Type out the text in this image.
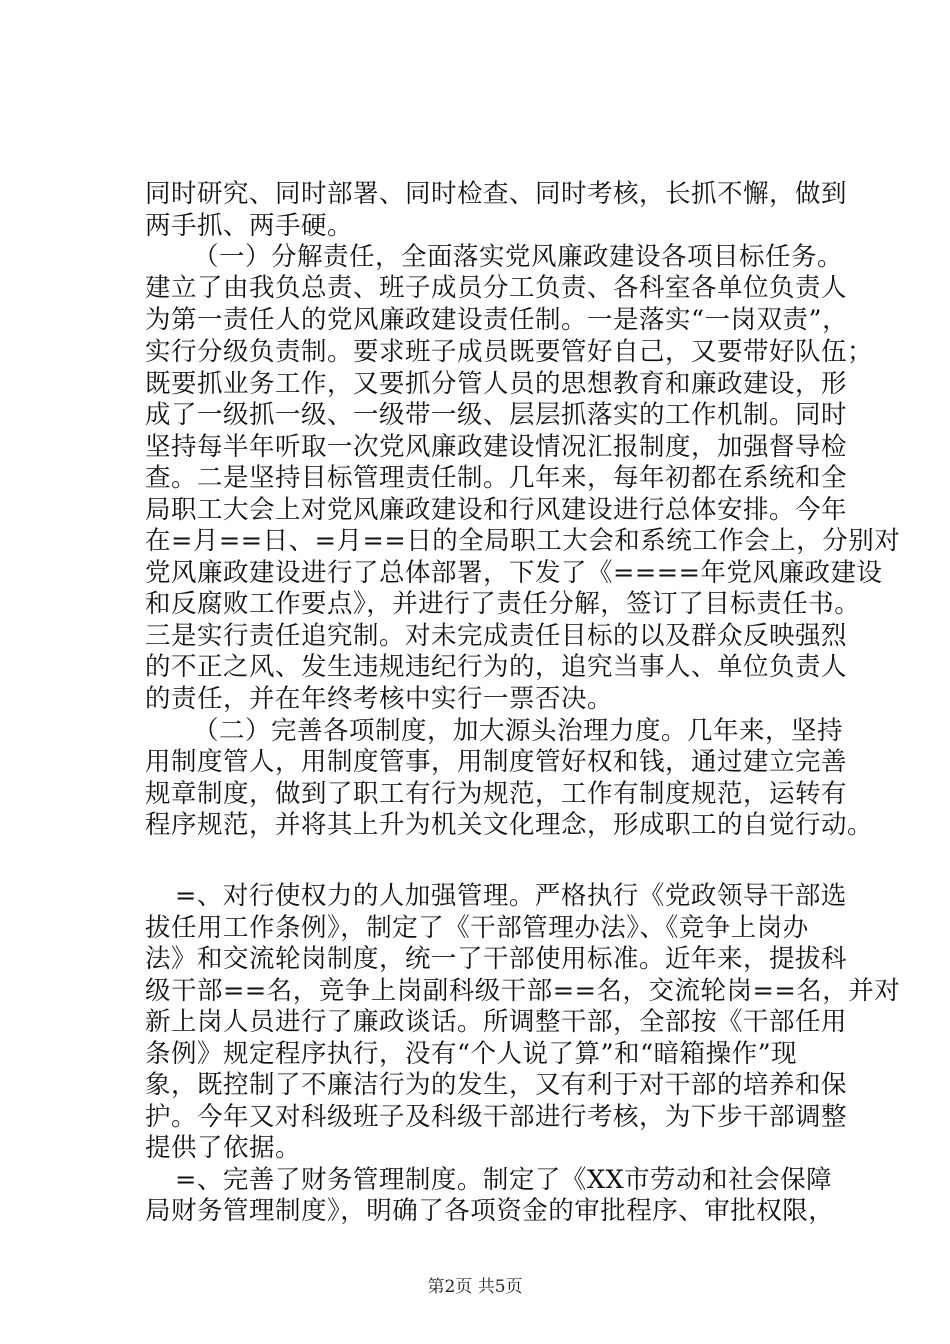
同时研究、同时部署、同时检查、同时考核，长抓不懈，做到
两手抓、两手硬。
（一）分解责任，全面落实党风廉政建设各项目标任务。
建立了由我负总责、班子成员分工负责、各科室各单位负责人
为第一责任人的党风廉政建设责任制。一是落实“一岗双责”，
实行分级负责制。要求班子成员既要管好自己，又要带好队伍；
既要抓业务工作，又要抓分管人员的思想教育和廉政建设，形
成了一级抓一级、一级带一级、层层抓落实的工作机制。同时
坚持每半年听取一次党风廉政建设情况汇报制度，加强督导检
查。二是坚持目标管理责任制。几年来，每年初都在系统和全
局职工大会上对党风廉政建设和行风建设进行总体安排。今年
在=月==日、=月==日的全局职工大会和系统工作会上，分别对
党风廉政建设进行了总体部署，下发了《====年党风廉政建设
和反腐败工作要点》，并进行了责任分解，签订了目标责任书。
三是实行责任追究制。对未完成责任目标的以及群众反映强烈
的不正之风、发生违规违纪行为的，追究当事人、单位负责人
的责任，并在年终考核中实行一票否决。
（二）完善各项制度，加大源头治理力度。几年来，坚持
用制度管人，用制度管事，用制度管好权和钱，通过建立完善
规章制度，做到了职工有行为规范，工作有制度规范，运转有
程序规范，并将其上升为机关文化理念，形成职工的自觉行动。
=、对行使权力的人加强管理。严格执行《党政领导干部选
拔任用工作条例》，制定了《干部管理办法》、《竞争上岗办
法》和交流轮岗制度，统一了干部使用标准。近年来，提拔科
级干部==名，竞争上岗副科级干部==名，交流轮岗==名，并对
新上岗人员进行了廉政谈话。所调整干部，全部按《干部任用
条例》规定程序执行，没有“个人说了算”和“暗箱操作”现
象，既控制了不廉洁行为的发生，又有利于对干部的培养和保
护。今年又对科级班子及科级干部进行考核，为下步干部调整
提供了依据。
=、完善了财务管理制度。制定了《XX市劳动和社会保障
局财务管理制度》，明确了各项资金的审批程序、审批权限，
第2页 共5页
